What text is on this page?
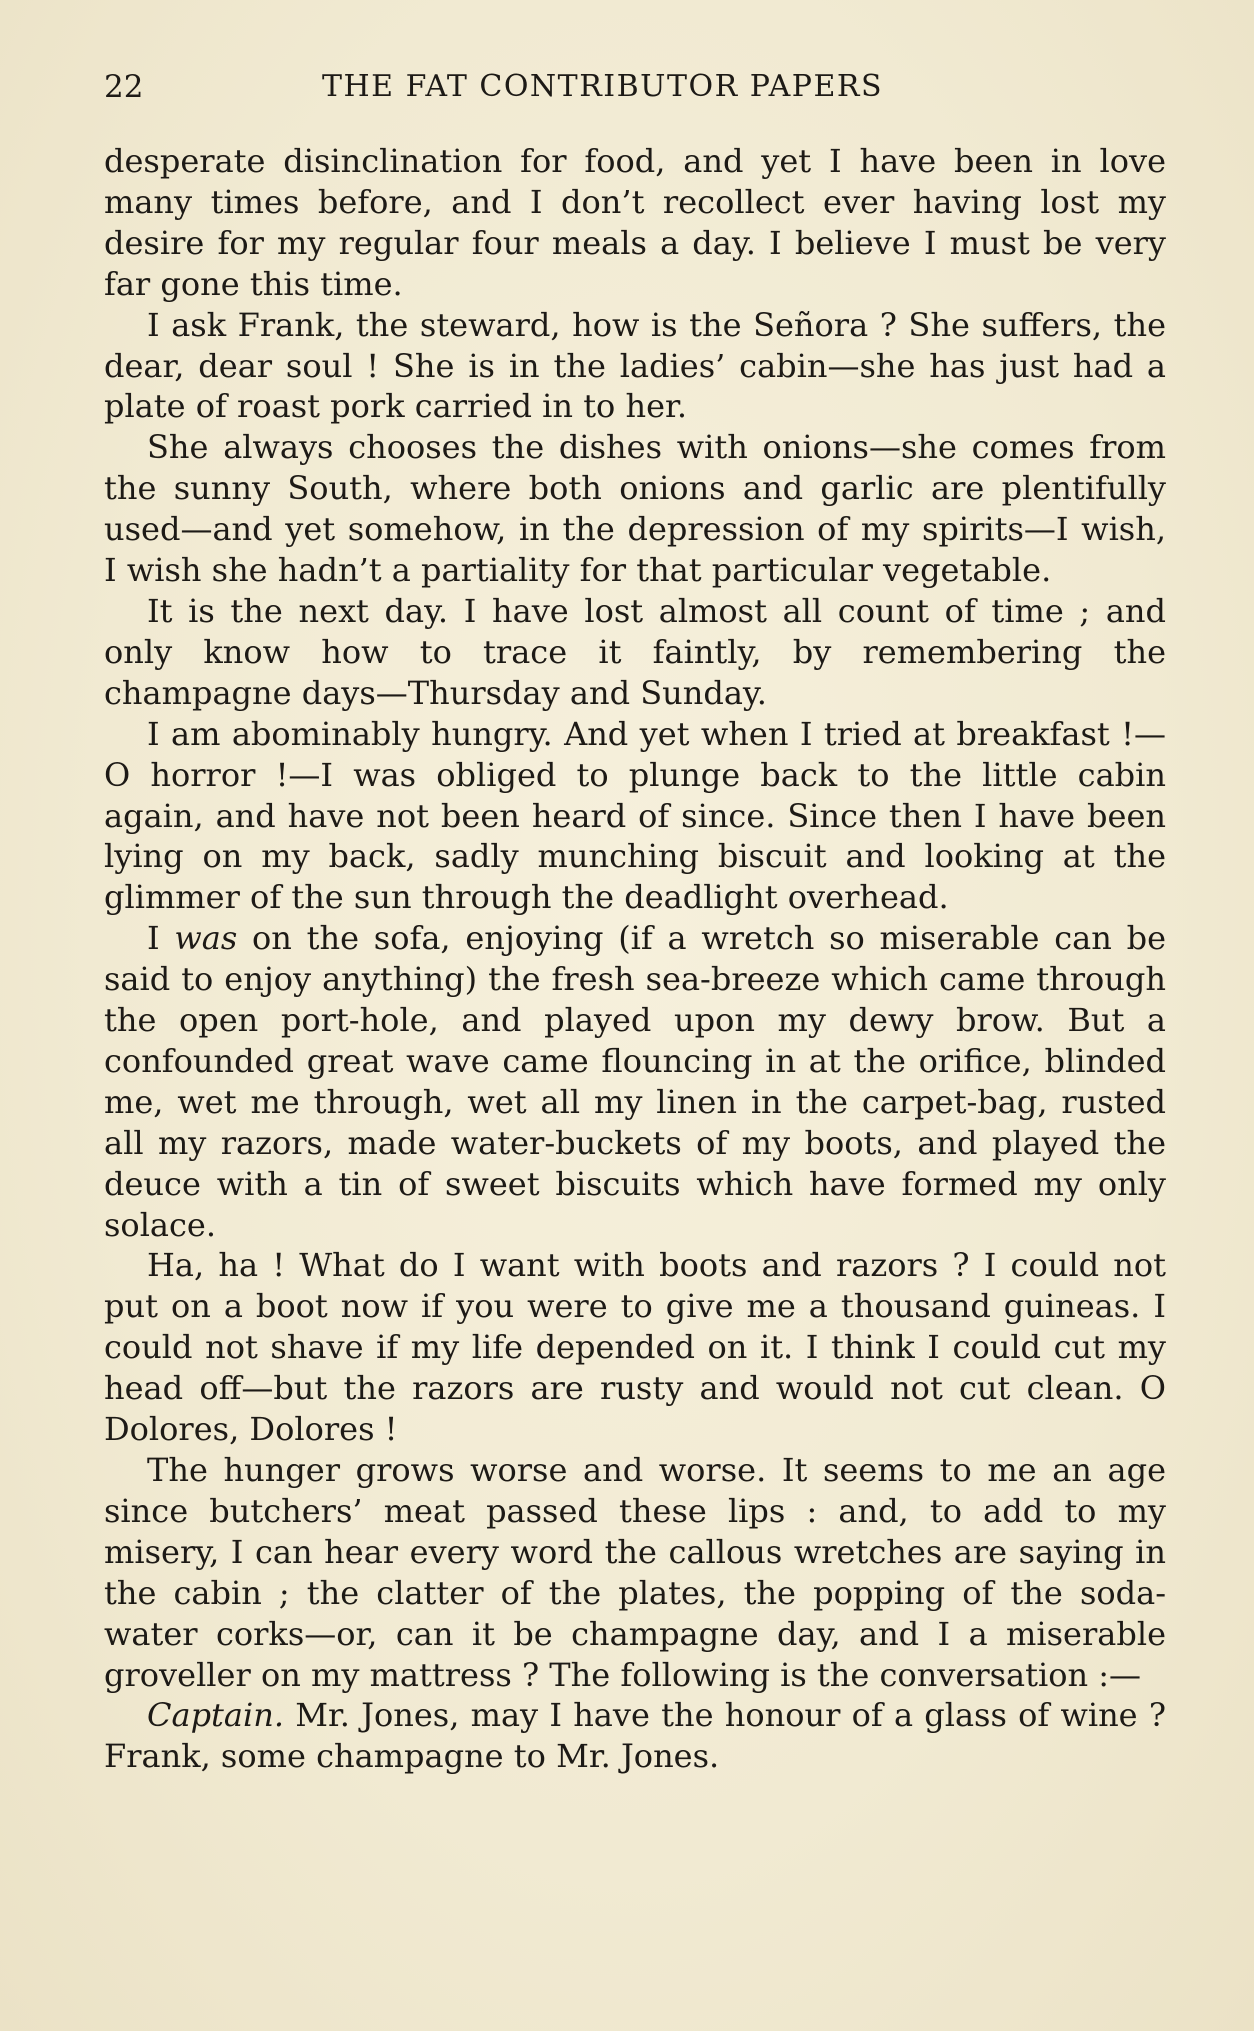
22	THE FAT CONTRIBUTOR PAPERS

desperate disinclination for food, and yet I have been in love many times before, and I don’t recollect ever having lost my desire for my regular four meals a day. I believe I must be very far gone this time.

I ask Frank, the steward, how is the Señora ? She suffers, the dear, dear soul ! She is in the ladies’ cabin—she has just had a plate of roast pork carried in to her.

She always chooses the dishes with onions—she comes from the sunny South, where both onions and garlic are plentifully used—and yet somehow, in the depression of my spirits—I wish, I wish she hadn’t a partiality for that particular vegetable.

It is the next day. I have lost almost all count of time ; and only know how to trace it faintly, by remembering the champagne days—Thursday and Sunday.

I am abominably hungry. And yet when I tried at breakfast !—O horror !—I was obliged to plunge back to the little cabin again, and have not been heard of since. Since then I have been lying on my back, sadly munching biscuit and looking at the glimmer of the sun through the deadlight overhead.

I was on the sofa, enjoying (if a wretch so miserable can be said to enjoy anything) the fresh sea-breeze which came through the open port-hole, and played upon my dewy brow. But a confounded great wave came flouncing in at the orifice, blinded me, wet me through, wet all my linen in the carpet-bag, rusted all my razors, made water-buckets of my boots, and played the deuce with a tin of sweet biscuits which have formed my only solace.

Ha, ha ! What do I want with boots and razors ? I could not put on a boot now if you were to give me a thousand guineas. I could not shave if my life depended on it. I think I could cut my head off—but the razors are rusty and would not cut clean. O Dolores, Dolores !

The hunger grows worse and worse. It seems to me an age since butchers’ meat passed these lips : and, to add to my misery, I can hear every word the callous wretches are saying in the cabin ; the clatter of the plates, the popping of the soda-water corks—or, can it be champagne day, and I a miserable groveller on my mattress ? The following is the conversation :—

Captain. Mr. Jones, may I have the honour of a glass of wine ? Frank, some champagne to Mr. Jones.
